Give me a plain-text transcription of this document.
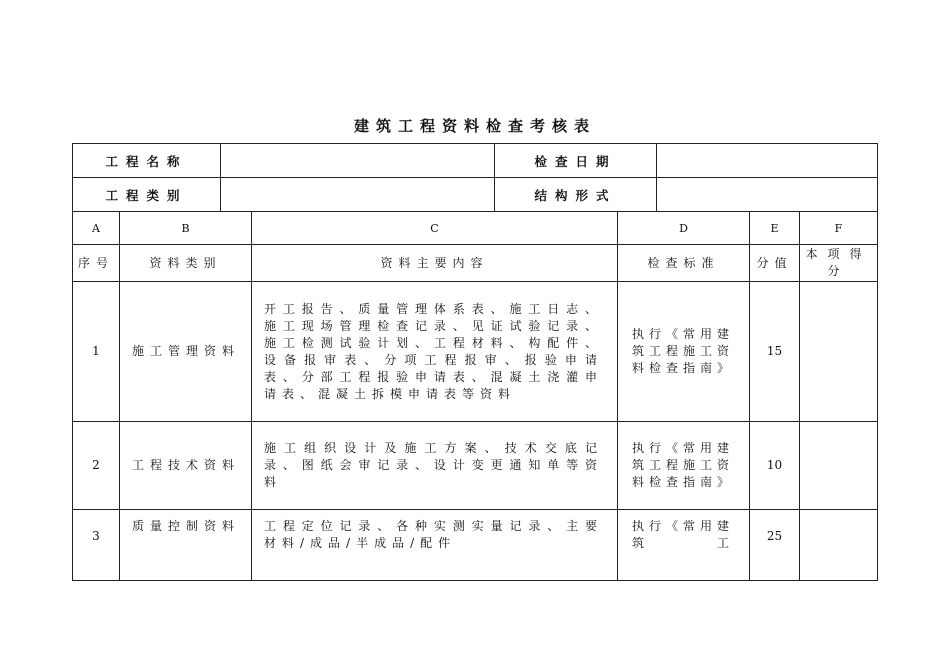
建筑工程资料检查考核表
工程名称		检查日期	
工程类别		结构形式	
A	B	C	D	E	F
序号	资料类别	资料主要内容	检查标准	分值	本项得分
1	施工管理资料	开工报告、质量管理体系表、施工日志、施工现场管理检查记录、见证试验记录、施工检测试验计划、工程材料、构配件、设备报审表、分项工程报审、报验申请表、分部工程报验申请表、混凝土浇灌申请表、混凝土拆模申请表等资料	执行《常用建筑工程施工资料检查指南》	15	
2	工程技术资料	施工组织设计及施工方案、技术交底记录、图纸会审记录、设计变更通知单等资料	执行《常用建筑工程施工资料检查指南》	10	
3	质量控制资料	工程定位记录、各种实测实量记录、主要材料/成品/半成品/配件	执行《常用建筑工	25	
